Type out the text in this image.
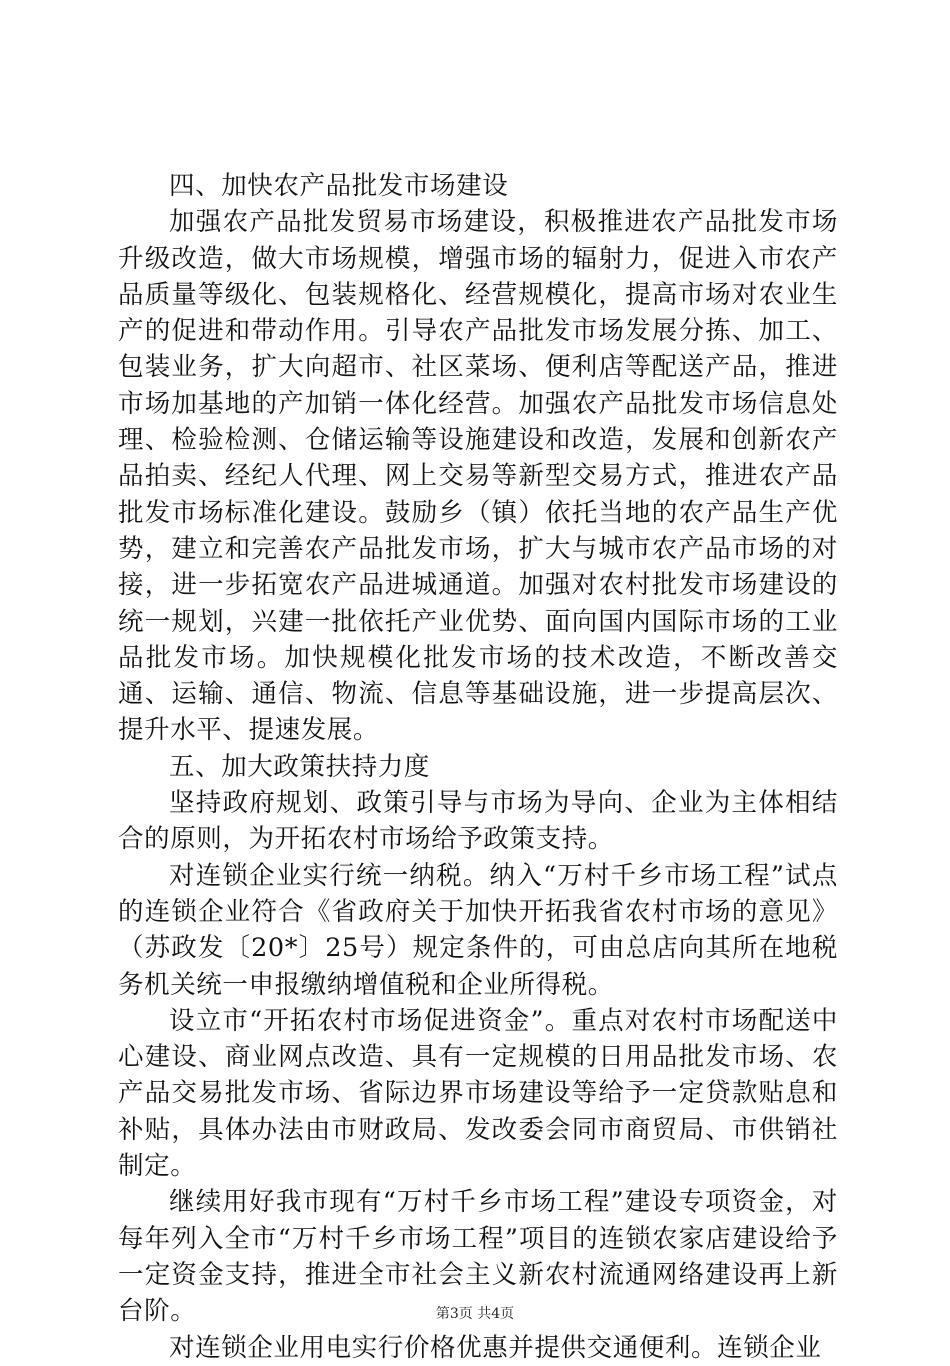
四、加快农产品批发市场建设

加强农产品批发贸易市场建设，积极推进农产品批发市场升级改造，做大市场规模，增强市场的辐射力，促进入市农产品质量等级化、包装规格化、经营规模化，提高市场对农业生产的促进和带动作用。引导农产品批发市场发展分拣、加工、包装业务，扩大向超市、社区菜场、便利店等配送产品，推进市场加基地的产加销一体化经营。加强农产品批发市场信息处理、检验检测、仓储运输等设施建设和改造，发展和创新农产品拍卖、经纪人代理、网上交易等新型交易方式，推进农产品批发市场标准化建设。鼓励乡（镇）依托当地的农产品生产优势，建立和完善农产品批发市场，扩大与城市农产品市场的对接，进一步拓宽农产品进城通道。加强对农村批发市场建设的统一规划，兴建一批依托产业优势、面向国内国际市场的工业品批发市场。加快规模化批发市场的技术改造，不断改善交通、运输、通信、物流、信息等基础设施，进一步提高层次、提升水平、提速发展。

五、加大政策扶持力度

坚持政府规划、政策引导与市场为导向、企业为主体相结合的原则，为开拓农村市场给予政策支持。

对连锁企业实行统一纳税。纳入“万村千乡市场工程”试点的连锁企业符合《省政府关于加快开拓我省农村市场的意见》（苏政发〔20*〕25号）规定条件的，可由总店向其所在地税务机关统一申报缴纳增值税和企业所得税。

设立市“开拓农村市场促进资金”。重点对农村市场配送中心建设、商业网点改造、具有一定规模的日用品批发市场、农产品交易批发市场、省际边界市场建设等给予一定贷款贴息和补贴，具体办法由市财政局、发改委会同市商贸局、市供销社制定。

继续用好我市现有“万村千乡市场工程”建设专项资金，对每年列入全市“万村千乡市场工程”项目的连锁农家店建设给予一定资金支持，推进全市社会主义新农村流通网络建设再上新台阶。

对连锁企业用电实行价格优惠并提供交通便利。连锁企业

第3页 共4页
